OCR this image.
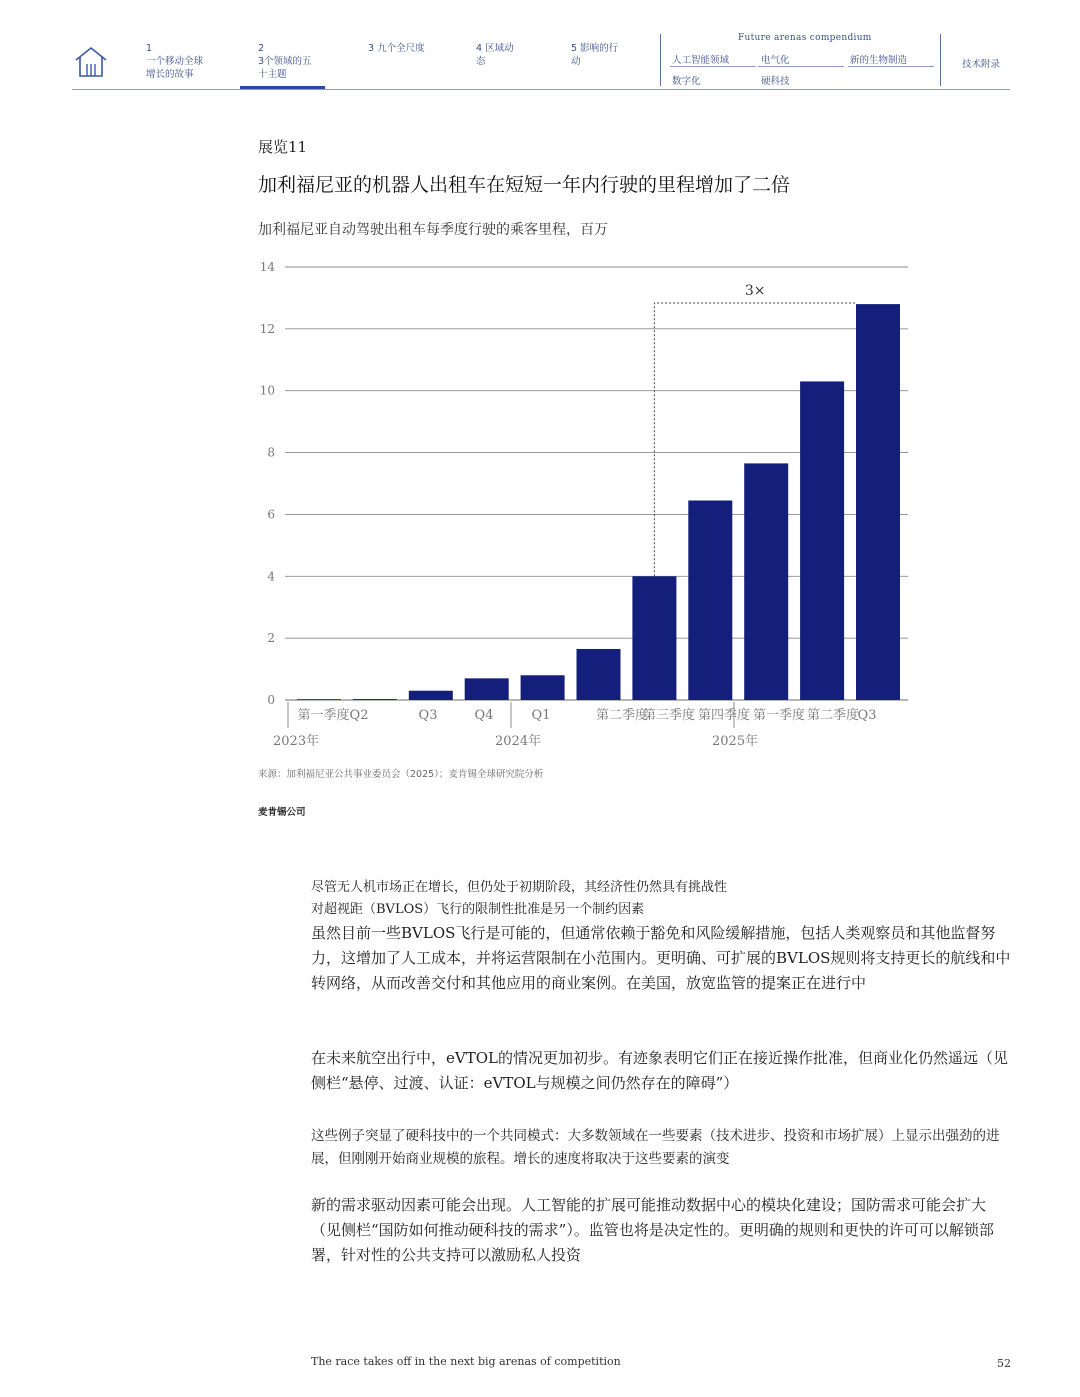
1
一个移动全球增长的故事
2
3个领域的五十主题
3 九个全尺度	4 区域动态
5 影响的行动
Future arenas compendium
人工智能领域	电气化	新的生物制造
数字化	硬科技
技术附录
展览11
加利福尼亚的机器人出租车在短短一年内行驶的里程增加了二倍
加利福尼亚自动驾驶出租车每季度行驶的乘客里程，百万
0
2
4
6
8
10
12
14
第一季度Q2	Q3	Q4	Q1	第二季度
第三季度 第四季度 第一季度 第二季度
Q3
2023年	2024年	2025年
3×
来源：加利福尼亚公共事业委员会（2025）；麦肯锡全球研究院分析
麦肯锡公司
尽管无人机市场正在增长，但仍处于初期阶段，其经济性仍然具有挑战性
对超视距（BVLOS）飞行的限制性批准是另一个制约因素
虽然目前一些BVLOS飞行是可能的，但通常依赖于豁免和风险缓解措施，包括人类观察员和其他监督努力，这增加了人工成本，并将运营限制在小范围内。更明确、可扩展的BVLOS规则将支持更长的航线和中转网络，从而改善交付和其他应用的商业案例。在美国，放宽监管的提案正在进行中
在未来航空出行中，eVTOL的情况更加初步。有迹象表明它们正在接近操作批准，但商业化仍然遥远（见侧栏“悬停、过渡、认证：eVTOL与规模之间仍然存在的障碍”）
这些例子突显了硬科技中的一个共同模式：大多数领域在一些要素（技术进步、投资和市场扩展）上显示出强劲的进展，但刚刚开始商业规模的旅程。增长的速度将取决于这些要素的演变
新的需求驱动因素可能会出现。人工智能的扩展可能推动数据中心的模块化建设；国防需求可能会扩大（见侧栏“国防如何推动硬科技的需求”）。监管也将是决定性的。更明确的规则和更快的许可可以解锁部署，针对性的公共支持可以激励私人投资
The race takes off in the next big arenas of competition	52
